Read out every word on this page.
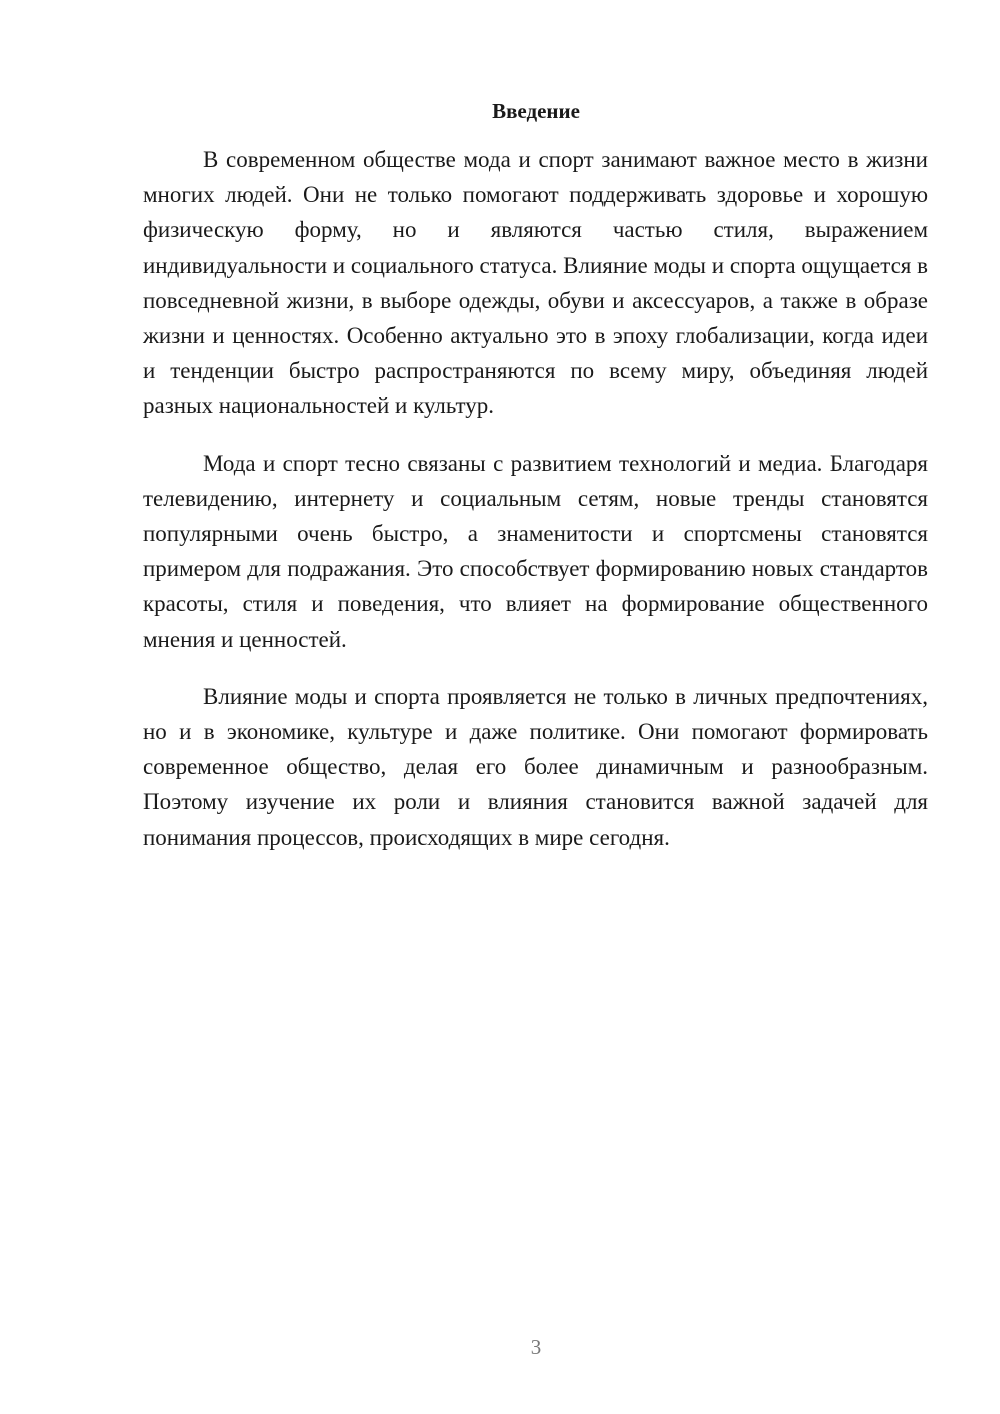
Введение

В современном обществе мода и спорт занимают важное место в жизни многих людей. Они не только помогают поддерживать здоровье и хорошую физическую форму, но и являются частью стиля, выражением индивидуальности и социального статуса. Влияние моды и спорта ощущается в повседневной жизни, в выборе одежды, обуви и аксессуаров, а также в образе жизни и ценностях. Особенно актуально это в эпоху глобализации, когда идеи и тенденции быстро распространяются по всему миру, объединяя людей разных национальностей и культур.

Мода и спорт тесно связаны с развитием технологий и медиа. Благодаря телевидению, интернету и социальным сетям, новые тренды становятся популярными очень быстро, а знаменитости и спортсмены становятся примером для подражания. Это способствует формированию новых стандартов красоты, стиля и поведения, что влияет на формирование общественного мнения и ценностей.

Влияние моды и спорта проявляется не только в личных предпочтениях, но и в экономике, культуре и даже политике. Они помогают формировать современное общество, делая его более динамичным и разнообразным. Поэтому изучение их роли и влияния становится важной задачей для понимания процессов, происходящих в мире сегодня.

3
